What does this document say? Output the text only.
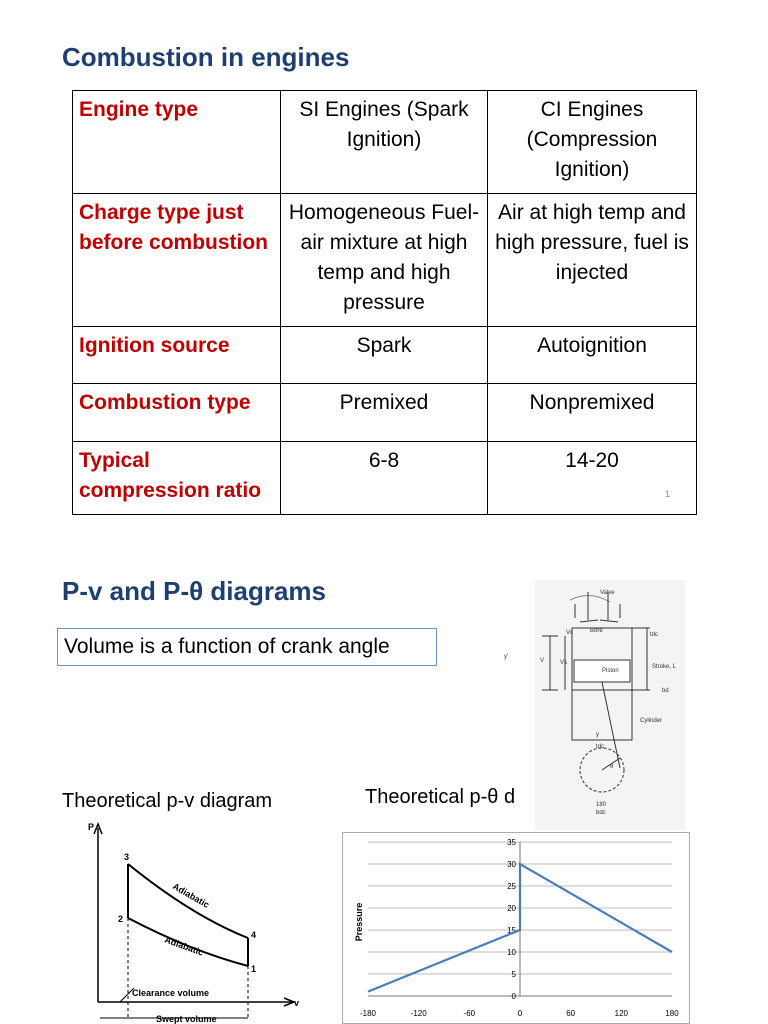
Combustion in engines
Engine type	SI Engines (Spark Ignition)	CI Engines (Compression Ignition)
Charge type just before combustion	Homogeneous Fuel-air mixture at high temp and high pressure	Air at high temp and high pressure, fuel is injected
Ignition source	Spark	Autoignition
Combustion type	Premixed	Nonpremixed
Typical compression ratio	6-8	14-20
1
P-v and P-θ diagrams
Volume is a function of crank angle
Valve
Bore
tdc
Vc
y'
V	Vs
Piston
Stroke, L
bd
Cylinder
y
tdc
θ
180
bdc
Theoretical p-v diagram	Theoretical p-θ d
P
v
3
2
4
1
Adiabatic
Adiabatic
Clearance volume
Swept volume
0
5
10
15
20
25
30
35
-180	-120	-60	0	60	120	180
Pressure
